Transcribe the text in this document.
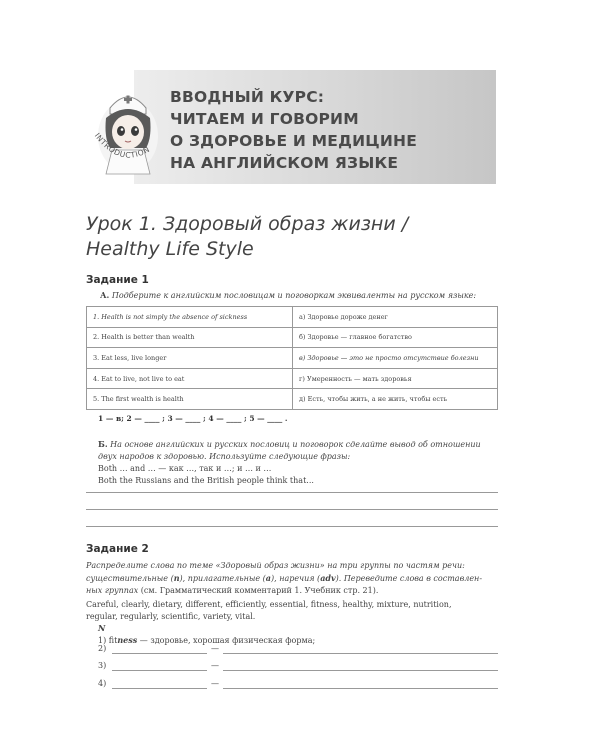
INTRODUCTION
ВВОДНЫЙ КУРС:
ЧИТАЕМ И ГОВОРИМ
О ЗДОРОВЬЕ И МЕДИЦИНЕ
НА АНГЛИЙСКОМ ЯЗЫКЕ
Урок 1. Здоровый образ жизни /
Healthy Life Style
Задание 1
А. Подберите к английским пословицам и поговоркам эквиваленты на русском языке:
1. Health is not simply the absence of sickness	а) Здоровье дороже денег
2. Health is better than wealth	б) Здоровье — главное богатство
3. Eat less, live longer	в) Здоровье — это не просто отсутствие болезни
4. Eat to live, not live to eat	г) Умеренность — мать здоровья
5. The first wealth is health	д) Есть, чтобы жить, а не жить, чтобы есть
1 — в; 2 — ____ ; 3 — ____ ; 4 — ____ ; 5 — ____ .
Б. На основе английских и русских пословиц и поговорок сделайте вывод об отношении
двух народов к здоровью. Используйте следующие фразы:
Both … and … — как …, так и …; и … и …
Both the Russians and the British people think that...
Задание 2
Распределите слова по теме «Здоровый образ жизни» на три группы по частям речи:
существительные (n), прилагательные (a), наречия (adv). Переведите слова в составлен-
ных группах (см. Грамматический комментарий 1. Учебник стр. 21).
Careful, clearly, dietary, different, efficiently, essential, fitness, healthy, mixture, nutrition,
regular, regularly, scientific, variety, vital.
N
1) fitness — здоровье, хорошая физическая форма;
2)	—
3)	—
4)	—
